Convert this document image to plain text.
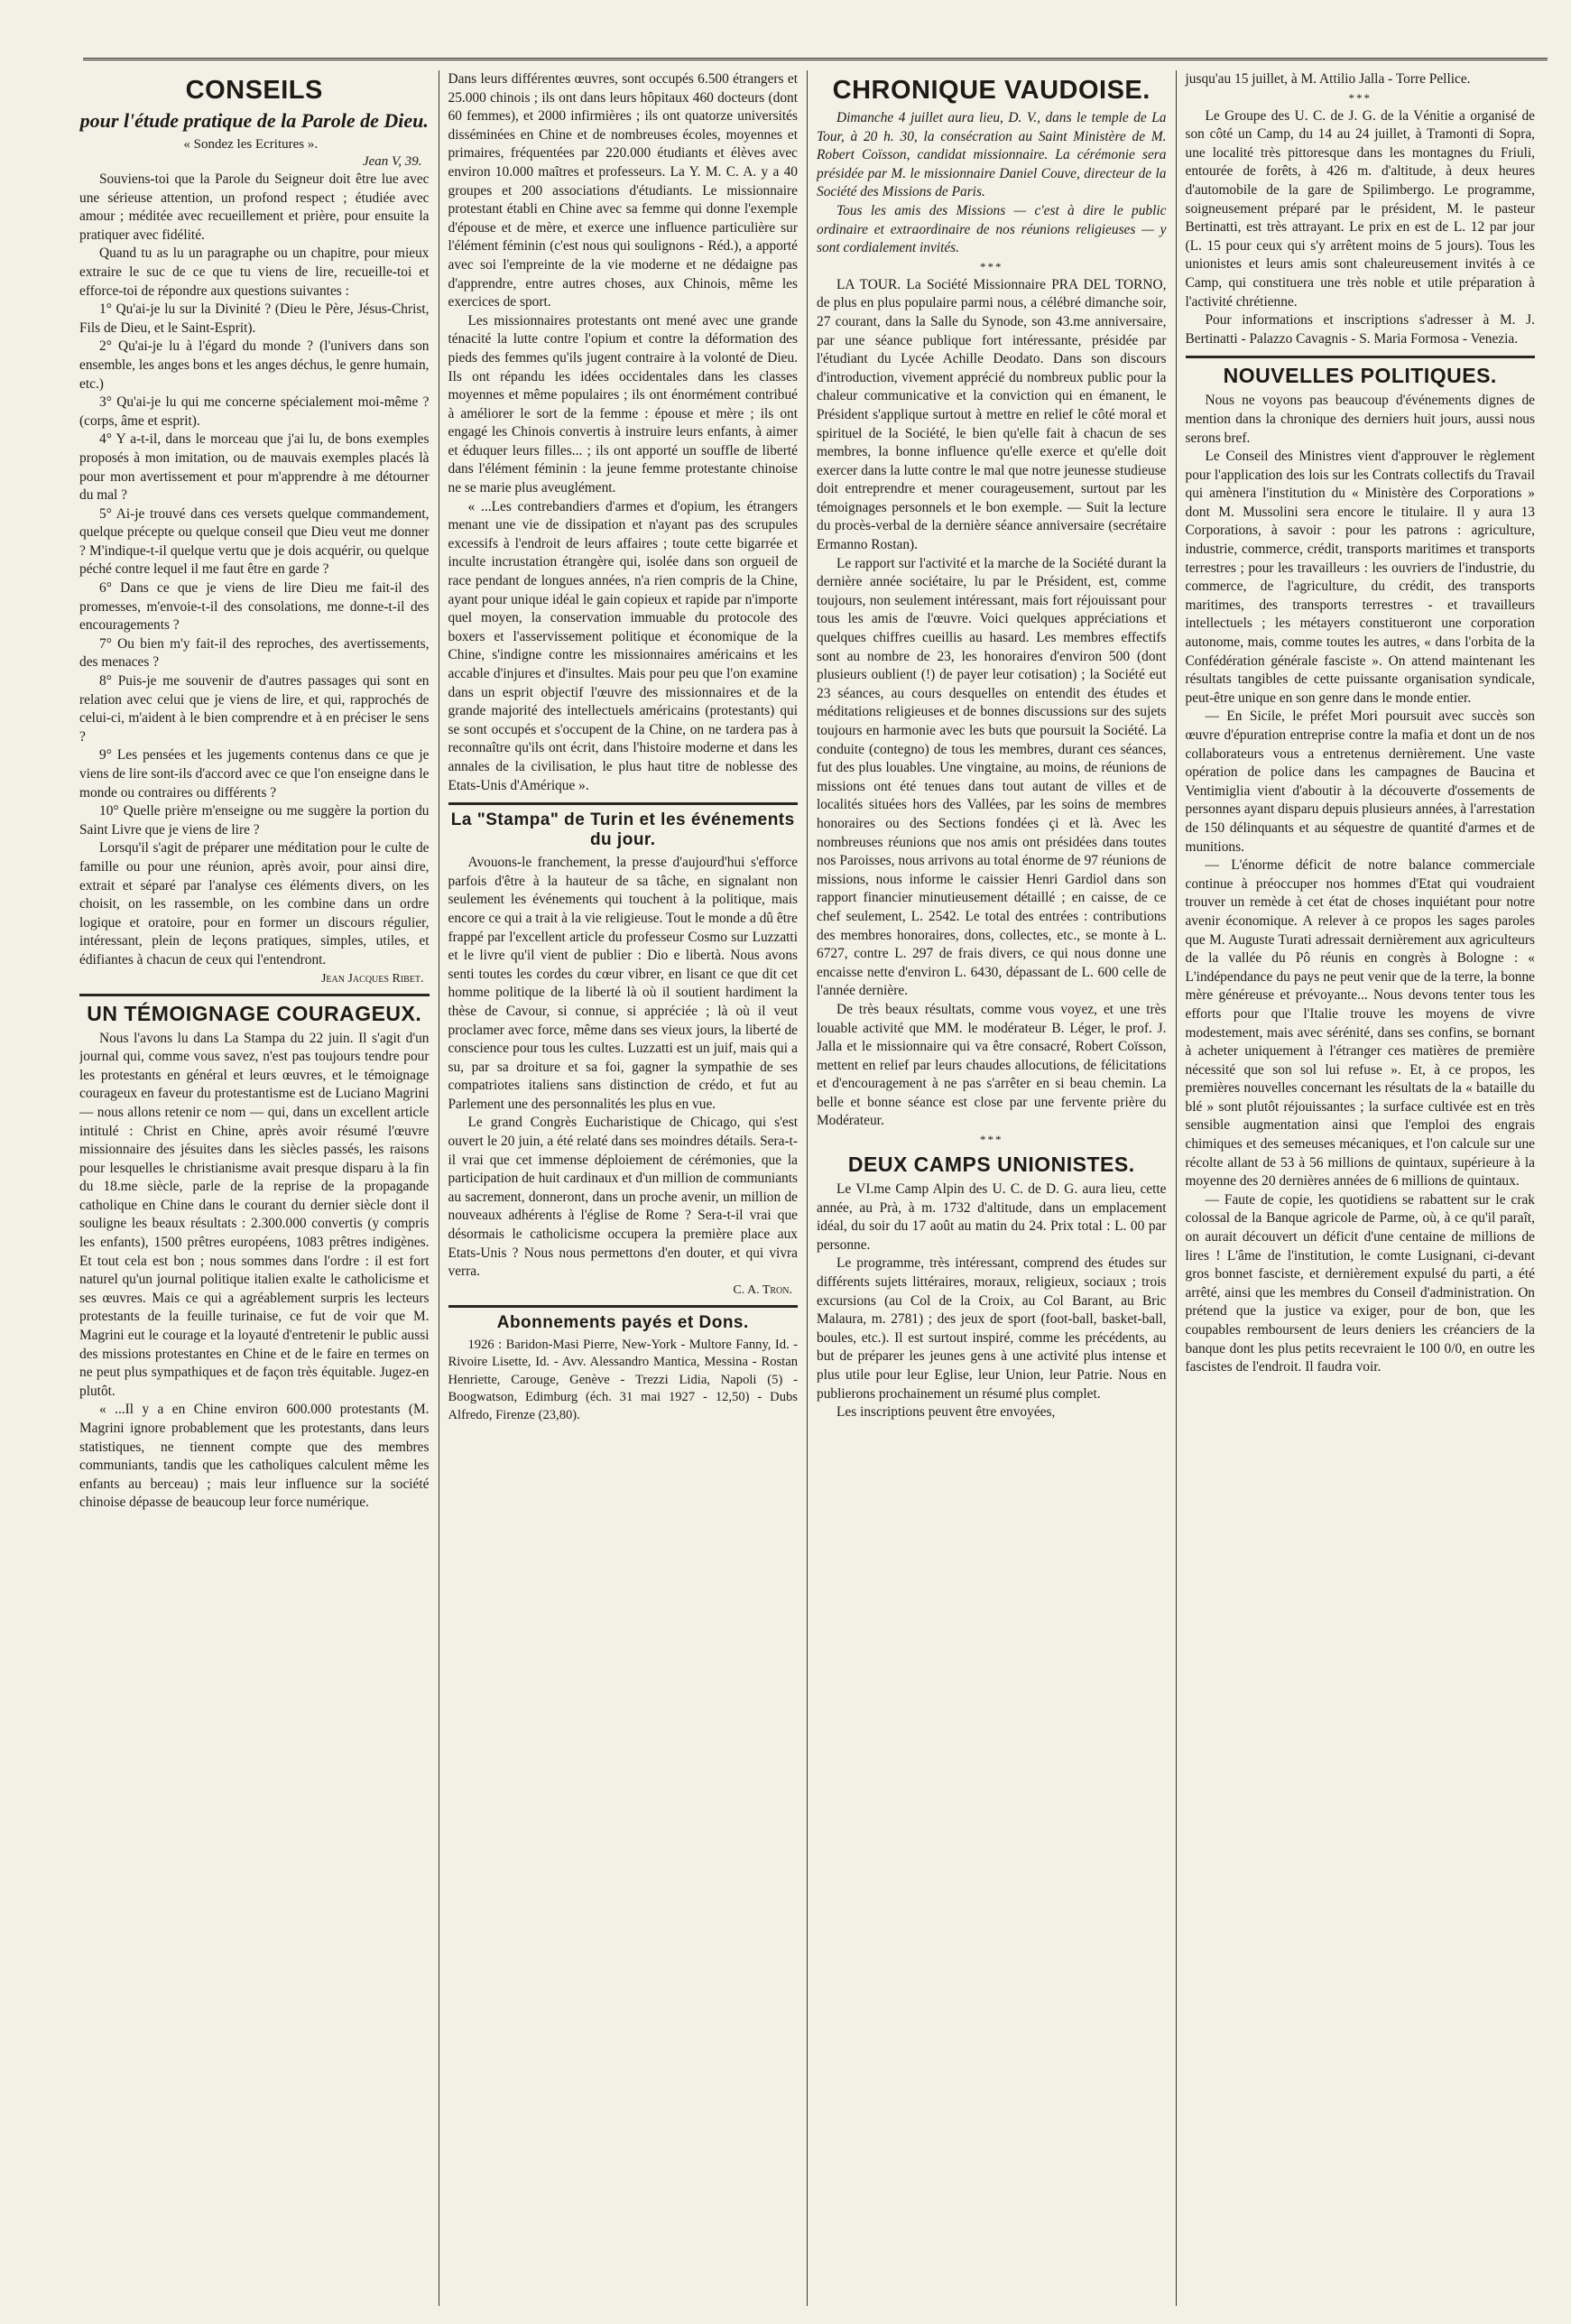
CONSEILS
pour l'étude pratique de la Parole de Dieu.
« Sondez les Ecritures ».
Jean V, 39.

Souviens-toi que la Parole du Seigneur doit être lue avec une sérieuse attention, un profond respect ; étudiée avec amour ; méditée avec recueillement et prière, pour ensuite la pratiquer avec fidélité.

Quand tu as lu un paragraphe ou un chapitre, pour mieux extraire le suc de ce que tu viens de lire, recueille-toi et efforce-toi de répondre aux questions suivantes :

1° Qu'ai-je lu sur la Divinité ? (Dieu le Père, Jésus-Christ, Fils de Dieu, et le Saint-Esprit).

2° Qu'ai-je lu à l'égard du monde ? (l'univers dans son ensemble, les anges bons et les anges déchus, le genre humain, etc.)

3° Qu'ai-je lu qui me concerne spécialement moi-même ? (corps, âme et esprit).

4° Y a-t-il, dans le morceau que j'ai lu, de bons exemples proposés à mon imitation, ou de mauvais exemples placés là pour mon avertissement et pour m'apprendre à me détourner du mal ?

5° Ai-je trouvé dans ces versets quelque commandement, quelque précepte ou quelque conseil que Dieu veut me donner ? M'indique-t-il quelque vertu que je dois acquérir, ou quelque péché contre lequel il me faut être en garde ?

6° Dans ce que je viens de lire Dieu me fait-il des promesses, m'envoie-t-il des consolations, me donne-t-il des encouragements ?

7° Ou bien m'y fait-il des reproches, des avertissements, des menaces ?

8° Puis-je me souvenir de d'autres passages qui sont en relation avec celui que je viens de lire, et qui, rapprochés de celui-ci, m'aident à le bien comprendre et à en préciser le sens ?

9° Les pensées et les jugements contenus dans ce que je viens de lire sont-ils d'accord avec ce que l'on enseigne dans le monde ou contraires ou différents ?

10° Quelle prière m'enseigne ou me suggère la portion du Saint Livre que je viens de lire ?

Lorsqu'il s'agit de préparer une méditation pour le culte de famille ou pour une réunion, après avoir, pour ainsi dire, extrait et séparé par l'analyse ces éléments divers, on les choisit, on les rassemble, on les combine dans un ordre logique et oratoire, pour en former un discours régulier, intéressant, plein de leçons pratiques, simples, utiles, et édifiantes à chacun de ceux qui l'entendront.

Jean Jacques Ribet.
UN TÉMOIGNAGE COURAGEUX.

Nous l'avons lu dans La Stampa du 22 juin. Il s'agit d'un journal qui, comme vous savez, n'est pas toujours tendre pour les protestants en général et leurs œuvres, et le témoignage courageux en faveur du protestantisme est de Luciano Magrini — nous allons retenir ce nom — qui, dans un excellent article intitulé : Christ en Chine, après avoir résumé l'œuvre missionnaire des jésuites dans les siècles passés, les raisons pour lesquelles le christianisme avait presque disparu à la fin du 18.me siècle, parle de la reprise de la propagande catholique en Chine dans le courant du dernier siècle dont il souligne les beaux résultats : 2.300.000 convertis (y compris les enfants), 1500 prêtres européens, 1083 prêtres indigènes. Et tout cela est bon ; nous sommes dans l'ordre : il est fort naturel qu'un journal politique italien exalte le catholicisme et ses œuvres. Mais ce qui a agréablement surpris les lecteurs protestants de la feuille turinaise, ce fut de voir que M. Magrini eut le courage et la loyauté d'entretenir le public aussi des missions protestantes en Chine et de le faire en termes on ne peut plus sympathiques et de façon très équitable. Jugez-en plutôt.

« ...Il y a en Chine environ 600.000 protestants (M. Magrini ignore probablement que les protestants, dans leurs statistiques, ne tiennent compte que des membres communiants, tandis que les catholiques calculent même les enfants au berceau) ; mais leur influence sur la société chinoise dépasse de beaucoup leur force numérique.

Dans leurs différentes œuvres, sont occupés 6.500 étrangers et 25.000 chinois ; ils ont dans leurs hôpitaux 460 docteurs (dont 60 femmes), et 2000 infirmières ; ils ont quatorze universités disséminées en Chine et de nombreuses écoles, moyennes et primaires, fréquentées par 220.000 étudiants et élèves avec environ 10.000 maîtres et professeurs. La Y. M. C. A. y a 40 groupes et 200 associations d'étudiants. Le missionnaire protestant établi en Chine avec sa femme qui donne l'exemple d'épouse et de mère, et exerce une influence particulière sur l'élément féminin (c'est nous qui soulignons - Réd.), a apporté avec soi l'empreinte de la vie moderne et ne dédaigne pas d'apprendre, entre autres choses, aux Chinois, même les exercices de sport.

Les missionnaires protestants ont mené avec une grande ténacité la lutte contre l'opium et contre la déformation des pieds des femmes qu'ils jugent contraire à la volonté de Dieu. Ils ont répandu les idées occidentales dans les classes moyennes et même populaires ; ils ont énormément contribué à améliorer le sort de la femme : épouse et mère ; ils ont engagé les Chinois convertis à instruire leurs enfants, à aimer et éduquer leurs filles... ; ils ont apporté un souffle de liberté dans l'élément féminin : la jeune femme protestante chinoise ne se marie plus aveuglément.

« ...Les contrebandiers d'armes et d'opium, les étrangers menant une vie de dissipation et n'ayant pas des scrupules excessifs à l'endroit de leurs affaires ; toute cette bigarrée et inculte incrustation étrangère qui, isolée dans son orgueil de race pendant de longues années, n'a rien compris de la Chine, ayant pour unique idéal le gain copieux et rapide par n'importe quel moyen, la conservation immuable du protocole des boxers et l'asservissement politique et économique de la Chine, s'indigne contre les missionnaires américains et les accable d'injures et d'insultes. Mais pour peu que l'on examine dans un esprit objectif l'œuvre des missionnaires et de la grande majorité des intellectuels américains (protestants) qui se sont occupés et s'occupent de la Chine, on ne tardera pas à reconnaître qu'ils ont écrit, dans l'histoire moderne et dans les annales de la civilisation, le plus haut titre de noblesse des Etats-Unis d'Amérique ».

La "Stampa" de Turin et les événements du jour.

Avouons-le franchement, la presse d'aujourd'hui s'efforce parfois d'être à la hauteur de sa tâche, en signalant non seulement les événements qui touchent à la politique, mais encore ce qui a trait à la vie religieuse. Tout le monde a dû être frappé par l'excellent article du professeur Cosmo sur Luzzatti et le livre qu'il vient de publier : Dio e libertà. Nous avons senti toutes les cordes du cœur vibrer, en lisant ce que dit cet homme politique de la liberté là où il soutient hardiment la thèse de Cavour, si connue, si appréciée ; là où il veut proclamer avec force, même dans ses vieux jours, la liberté de conscience pour tous les cultes. Luzzatti est un juif, mais qui a su, par sa droiture et sa foi, gagner la sympathie de ses compatriotes italiens sans distinction de crédo, et fut au Parlement une des personnalités les plus en vue.

Le grand Congrès Eucharistique de Chicago, qui s'est ouvert le 20 juin, a été relaté dans ses moindres détails. Sera-t-il vrai que cet immense déploiement de cérémonies, que la participation de huit cardinaux et d'un million de communiants au sacrement, donneront, dans un proche avenir, un million de nouveaux adhérents à l'église de Rome ? Sera-t-il vrai que désormais le catholicisme occupera la première place aux Etats-Unis ? Nous nous permettons d'en douter, et qui vivra verra.

C. A. Tron.
Abonnements payés et Dons.

1926 : Baridon-Masi Pierre, New-York - Multore Fanny, Id. - Rivoire Lisette, Id. - Avv. Alessandro Mantica, Messina - Rostan Henriette, Carouge, Genève - Trezzi Lidia, Napoli (5) - Boogwatson, Edimburg (éch. 31 mai 1927 - 12,50) - Dubs Alfredo, Firenze (23,80).

CHRONIQUE VAUDOISE.

Dimanche 4 juillet aura lieu, D. V., dans le temple de La Tour, à 20 h. 30, la consécration au Saint Ministère de M. Robert Coïsson, candidat missionnaire. La cérémonie sera présidée par M. le missionnaire Daniel Couve, directeur de la Société des Missions de Paris.

Tous les amis des Missions — c'est à dire le public ordinaire et extraordinaire de nos réunions religieuses — y sont cordialement invités.

***

LA TOUR. La Société Missionnaire PRA DEL TORNO, de plus en plus populaire parmi nous, a célébré dimanche soir, 27 courant, dans la Salle du Synode, son 43.me anniversaire, par une séance publique fort intéressante, présidée par l'étudiant du Lycée Achille Deodato. Dans son discours d'introduction, vivement apprécié du nombreux public pour la chaleur communicative et la conviction qui en émanent, le Président s'applique surtout à mettre en relief le côté moral et spirituel de la Société, le bien qu'elle fait à chacun de ses membres, la bonne influence qu'elle exerce et qu'elle doit exercer dans la lutte contre le mal que notre jeunesse studieuse doit entreprendre et mener courageusement, surtout par les témoignages personnels et le bon exemple. — Suit la lecture du procès-verbal de la dernière séance anniversaire (secrétaire Ermanno Rostan).

Le rapport sur l'activité et la marche de la Société durant la dernière année sociétaire, lu par le Président, est, comme toujours, non seulement intéressant, mais fort réjouissant pour tous les amis de l'œuvre. Voici quelques appréciations et quelques chiffres cueillis au hasard. Les membres effectifs sont au nombre de 23, les honoraires d'environ 500 (dont plusieurs oublient (!) de payer leur cotisation) ; la Société eut 23 séances, au cours desquelles on entendit des études et méditations religieuses et de bonnes discussions sur des sujets toujours en harmonie avec les buts que poursuit la Société. La conduite (contegno) de tous les membres, durant ces séances, fut des plus louables. Une vingtaine, au moins, de réunions de missions ont été tenues dans tout autant de villes et de localités situées hors des Vallées, par les soins de membres honoraires ou des Sections fondées çi et là. Avec les nombreuses réunions que nos amis ont présidées dans toutes nos Paroisses, nous arrivons au total énorme de 97 réunions de missions, nous informe le caissier Henri Gardiol dans son rapport financier minutieusement détaillé ; en caisse, de ce chef seulement, L. 2542. Le total des entrées : contributions des membres honoraires, dons, collectes, etc., se monte à L. 6727, contre L. 297 de frais divers, ce qui nous donne une encaisse nette d'environ L. 6430, dépassant de L. 600 celle de l'année dernière.

De très beaux résultats, comme vous voyez, et une très louable activité que MM. le modérateur B. Léger, le prof. J. Jalla et le missionnaire qui va être consacré, Robert Coïsson, mettent en relief par leurs chaudes allocutions, de félicitations et d'encouragement à ne pas s'arrêter en si beau chemin. La belle et bonne séance est close par une fervente prière du Modérateur.

***
DEUX CAMPS UNIONISTES.

Le VI.me Camp Alpin des U. C. de D. G. aura lieu, cette année, au Prà, à m. 1732 d'altitude, dans un emplacement idéal, du soir du 17 août au matin du 24. Prix total : L. 00 par personne.

Le programme, très intéressant, comprend des études sur différents sujets littéraires, moraux, religieux, sociaux ; trois excursions (au Col de la Croix, au Col Barant, au Bric Malaura, m. 2781) ; des jeux de sport (foot-ball, basket-ball, boules, etc.). Il est surtout inspiré, comme les précédents, au but de préparer les jeunes gens à une activité plus intense et plus utile pour leur Eglise, leur Union, leur Patrie. Nous en publierons prochainement un résumé plus complet.

Les inscriptions peuvent être envoyées,

jusqu'au 15 juillet, à M. Attilio Jalla - Torre Pellice.

***

Le Groupe des U. C. de J. G. de la Vénitie a organisé de son côté un Camp, du 14 au 24 juillet, à Tramonti di Sopra, une localité très pittoresque dans les montagnes du Friuli, entourée de forêts, à 426 m. d'altitude, à deux heures d'automobile de la gare de Spilimbergo. Le programme, soigneusement préparé par le président, M. le pasteur Bertinatti, est très attrayant. Le prix en est de L. 12 par jour (L. 15 pour ceux qui s'y arrêtent moins de 5 jours). Tous les unionistes et leurs amis sont chaleureusement invités à ce Camp, qui constituera une très noble et utile préparation à l'activité chrétienne.

Pour informations et inscriptions s'adresser à M. J. Bertinatti - Palazzo Cavagnis - S. Maria Formosa - Venezia.

NOUVELLES POLITIQUES.

Nous ne voyons pas beaucoup d'événements dignes de mention dans la chronique des derniers huit jours, aussi nous serons bref.

Le Conseil des Ministres vient d'approuver le règlement pour l'application des lois sur les Contrats collectifs du Travail qui amènera l'institution du « Ministère des Corporations » dont M. Mussolini sera encore le titulaire. Il y aura 13 Corporations, à savoir : pour les patrons : agriculture, industrie, commerce, crédit, transports maritimes et transports terrestres ; pour les travailleurs : les ouvriers de l'industrie, du commerce, de l'agriculture, du crédit, des transports maritimes, des transports terrestres - et travailleurs intellectuels ; les métayers constitueront une corporation autonome, mais, comme toutes les autres, « dans l'orbita de la Confédération générale fasciste ». On attend maintenant les résultats tangibles de cette puissante organisation syndicale, peut-être unique en son genre dans le monde entier.

— En Sicile, le préfet Mori poursuit avec succès son œuvre d'épuration entreprise contre la mafia et dont un de nos collaborateurs vous a entretenus dernièrement. Une vaste opération de police dans les campagnes de Baucina et Ventimiglia vient d'aboutir à la découverte d'ossements de personnes ayant disparu depuis plusieurs années, à l'arrestation de 150 délinquants et au séquestre de quantité d'armes et de munitions.

— L'énorme déficit de notre balance commerciale continue à préoccuper nos hommes d'Etat qui voudraient trouver un remède à cet état de choses inquiétant pour notre avenir économique. A relever à ce propos les sages paroles que M. Auguste Turati adressait dernièrement aux agriculteurs de la vallée du Pô réunis en congrès à Bologne : « L'indépendance du pays ne peut venir que de la terre, la bonne mère généreuse et prévoyante... Nous devons tenter tous les efforts pour que l'Italie trouve les moyens de vivre modestement, mais avec sérénité, dans ses confins, se bornant à acheter uniquement à l'étranger ces matières de première nécessité que son sol lui refuse ». Et, à ce propos, les premières nouvelles concernant les résultats de la « bataille du blé » sont plutôt réjouissantes ; la surface cultivée est en très sensible augmentation ainsi que l'emploi des engrais chimiques et des semeuses mécaniques, et l'on calcule sur une récolte allant de 53 à 56 millions de quintaux, supérieure à la moyenne des 20 dernières années de 6 millions de quintaux.

— Faute de copie, les quotidiens se rabattent sur le crak colossal de la Banque agricole de Parme, où, à ce qu'il paraît, on aurait découvert un déficit d'une centaine de millions de lires ! L'âme de l'institution, le comte Lusignani, ci-devant gros bonnet fasciste, et dernièrement expulsé du parti, a été arrêté, ainsi que les membres du Conseil d'administration. On prétend que la justice va exiger, pour de bon, que les coupables remboursent de leurs deniers les créanciers de la banque dont les plus petits recevraient le 100 0/0, en outre les fascistes de l'endroit. Il faudra voir.
